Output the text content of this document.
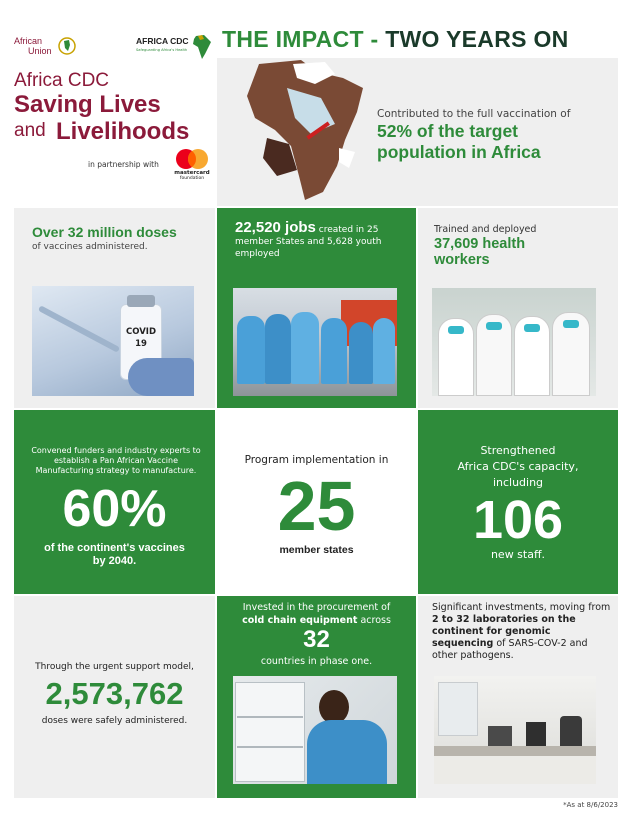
African
Union
AFRICA CDC
Safeguarding Africa's Health THE IMPACT - TWO YEARS ON
Africa CDC
Saving Lives
and Livelihoods
in partnership with
mastercard
foundation
Contributed to the full vaccination of
52% of the target
population in Africa
Over 32 million doses
of vaccines administered.
COVID
19
22,520 jobs created in 25 member States and 5,628 youth employed
Trained and deployed
37,609 health
workers
Convened funders and industry experts to establish a Pan African Vaccine Manufacturing strategy to manufacture.
60%
of the continent's vaccines
by 2040.
Program implementation in
25
member states
Strengthened
Africa CDC's capacity,
including
106
new staff.
Through the urgent support model,
2,573,762
doses were safely administered.
Invested in the procurement of
cold chain equipment across
32
countries in phase one.
Significant investments, moving from 2 to 32 laboratories on the continent for genomic sequencing of SARS-COV-2 and other pathogens.
*As at 8/6/2023
